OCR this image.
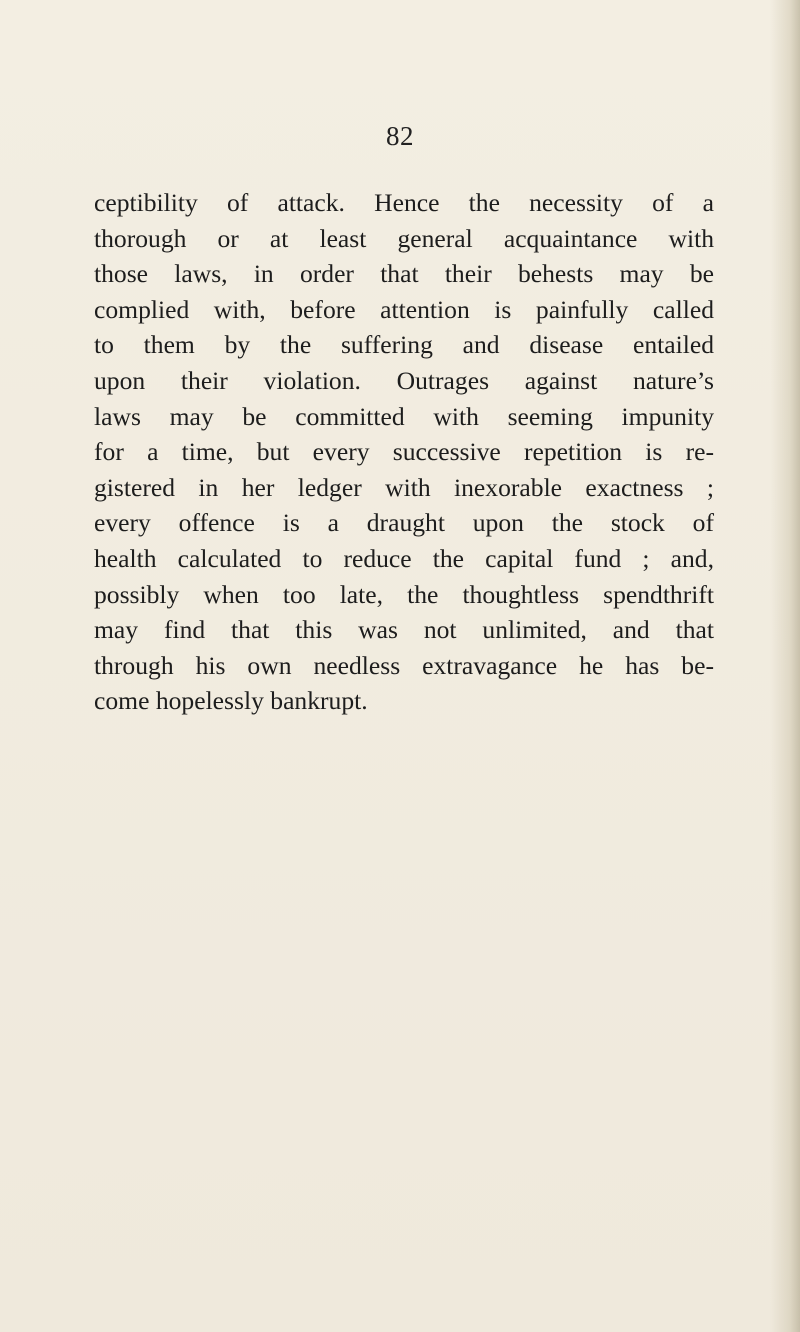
82
ceptibility of attack. Hence the necessity of a
thorough or at least general acquaintance with
those laws, in order that their behests may be
complied with, before attention is painfully called
to them by the suffering and disease entailed
upon their violation. Outrages against nature’s
laws may be committed with seeming impunity
for a time, but every successive repetition is re-
gistered in her ledger with inexorable exactness ;
every offence is a draught upon the stock of
health calculated to reduce the capital fund ; and,
possibly when too late, the thoughtless spendthrift
may find that this was not unlimited, and that
through his own needless extravagance he has be-
come hopelessly bankrupt.
